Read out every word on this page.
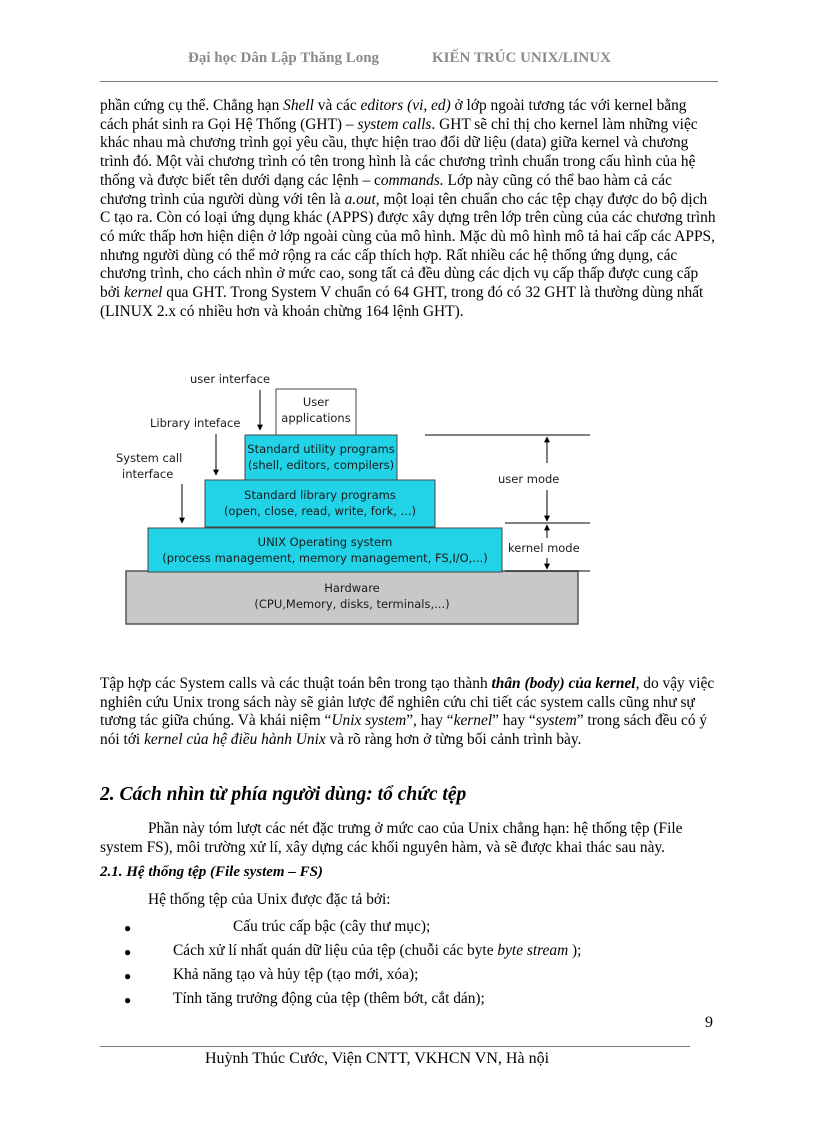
Đại học Dân Lập Thăng Long	KIẾN TRÚC UNIX/LINUX

phần cứng cụ thể. Chẳng hạn Shell và các editors (vi, ed) ở lớp ngoài tương tác với kernel bằng cách phát sinh ra Gọi Hệ Thống (GHT) – system calls. GHT sẽ chỉ thị cho kernel làm những việc khác nhau mà chương trình gọi yêu cầu, thực hiện trao đổi dữ liệu (data) giữa kernel và chương trình đó. Một vài chương trình có tên trong hình là các chương trình chuẩn trong cấu hình của hệ thống và được biết tên dưới dạng các lệnh – commands. Lớp này cũng có thể bao hàm cả các chương trình của người dùng với tên là a.out, một loại tên chuẩn cho các tệp chạy được do bộ dịch C tạo ra. Còn có loại ứng dụng khác (APPS) được xây dựng trên lớp trên cùng của các chương trình có mức thấp hơn hiện diện ở lớp ngoài cùng của mô hình. Mặc dù mô hình mô tả hai cấp các APPS, nhưng người dùng có thể mở rộng ra các cấp thích hợp. Rất nhiều các hệ thống ứng dụng, các chương trình, cho cách nhìn ở mức cao, song tất cả đều dùng các dịch vụ cấp thấp được cung cấp bởi kernel qua GHT. Trong System V chuẩn có 64 GHT, trong đó có 32 GHT là thường dùng nhất (LINUX 2.x có nhiều hơn và khoản chừng 164 lệnh GHT).

Hardware
(CPU,Memory, disks, terminals,...)
UNIX Operating system
(process management, memory management, FS,I/O,...)
Standard library programs
(open, close, read, write, fork, ...)
Standard utility programs
(shell, editors, compilers)
User
applications
user interface
Library inteface
System call
interface	user mode
kernel mode

Tập hợp các System calls và các thuật toán bên trong tạo thành thân (body) của kernel, do vậy việc nghiên cứu Unix trong sách này sẽ giản lược để nghiên cứu chi tiết các system calls cũng như sự tương tác giữa chúng. Và khái niệm “Unix system”, hay “kernel” hay “system” trong sách đều có ý nói tới kernel của hệ điều hành Unix và rõ ràng hơn ở từng bối cảnh trình bày.

2. Cách nhìn từ phía người dùng: tổ chức tệp

Phần này tóm lượt các nét đặc trưng ở mức cao của Unix chẳng hạn: hệ thống tệp (File system FS), môi trường xử lí, xây dựng các khối nguyên hàm, và sẽ được khai thác sau này.

2.1. Hệ thống tệp (File system – FS)
Hệ thống tệp của Unix được đặc tả bởi:
●	Cấu trúc cấp bậc (cây thư mục);
●	Cách xử lí nhất quán dữ liệu của tệp (chuỗi các byte byte stream );
●	Khả năng tạo và hủy tệp (tạo mới, xóa);
●	Tính tăng trưởng động của tệp (thêm bớt, cắt dán);
9
Huỳnh Thúc Cước, Viện CNTT, VKHCN VN, Hà nội
